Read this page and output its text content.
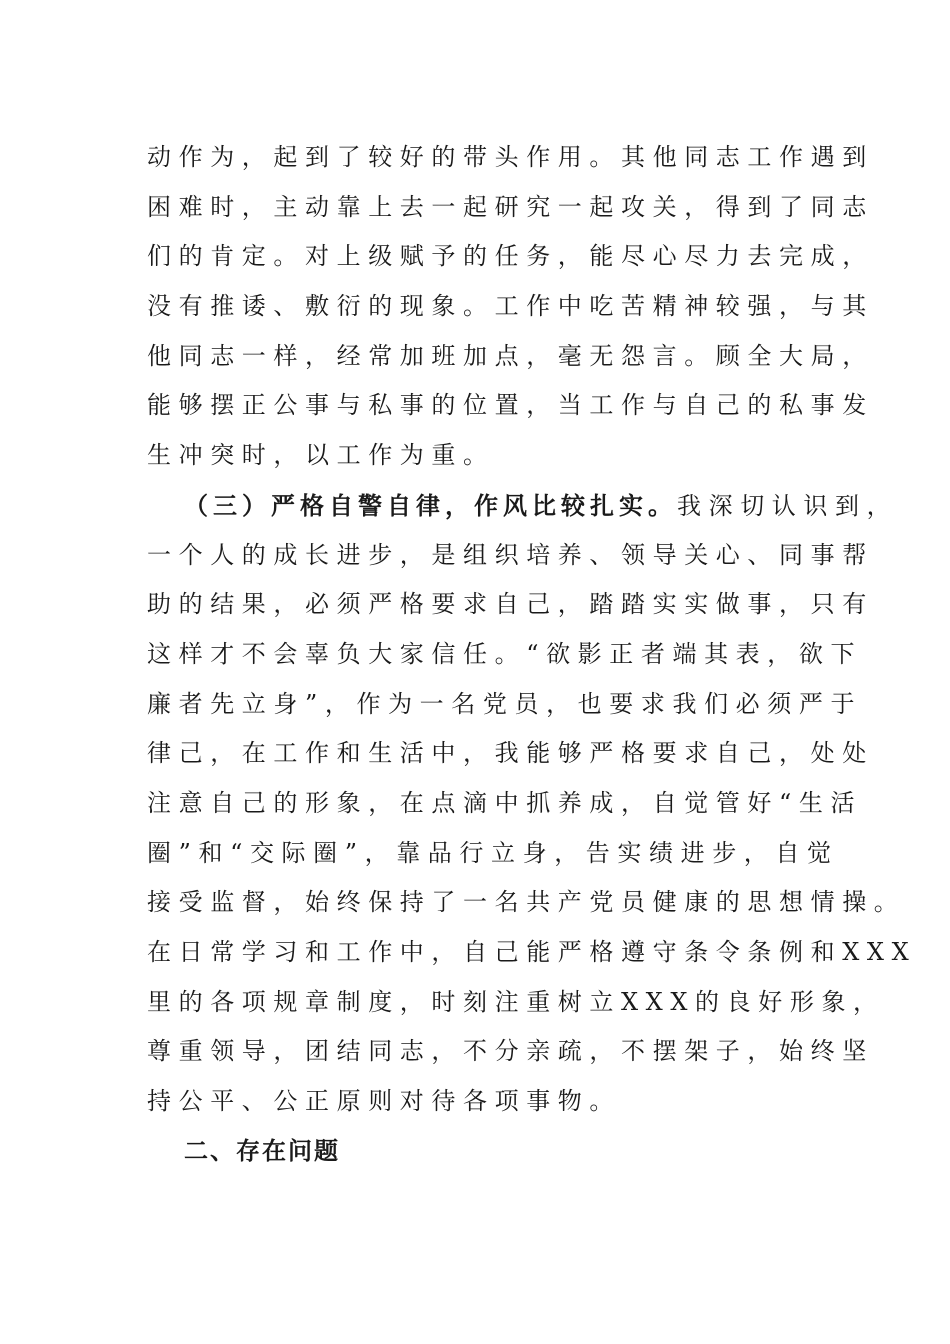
动作为，起到了较好的带头作用。其他同志工作遇到
困难时，主动靠上去一起研究一起攻关，得到了同志
们的肯定。对上级赋予的任务，能尽心尽力去完成，
没有推诿、敷衍的现象。工作中吃苦精神较强，与其
他同志一样，经常加班加点，毫无怨言。顾全大局，
能够摆正公事与私事的位置，当工作与自己的私事发
生冲突时，以工作为重。
（三）严格自警自律，作风比较扎实。我深切认识到，
一个人的成长进步，是组织培养、领导关心、同事帮
助的结果，必须严格要求自己，踏踏实实做事，只有
这样才不会辜负大家信任。“欲影正者端其表，欲下
廉者先立身”，作为一名党员，也要求我们必须严于
律己，在工作和生活中，我能够严格要求自己，处处
注意自己的形象，在点滴中抓养成，自觉管好“生活
圈”和“交际圈”，靠品行立身，告实绩进步，自觉
接受监督，始终保持了一名共产党员健康的思想情操。
在日常学习和工作中，自己能严格遵守条令条例和XXX
里的各项规章制度，时刻注重树立XXX的良好形象，
尊重领导，团结同志，不分亲疏，不摆架子，始终坚
持公平、公正原则对待各项事物。
二、存在问题
